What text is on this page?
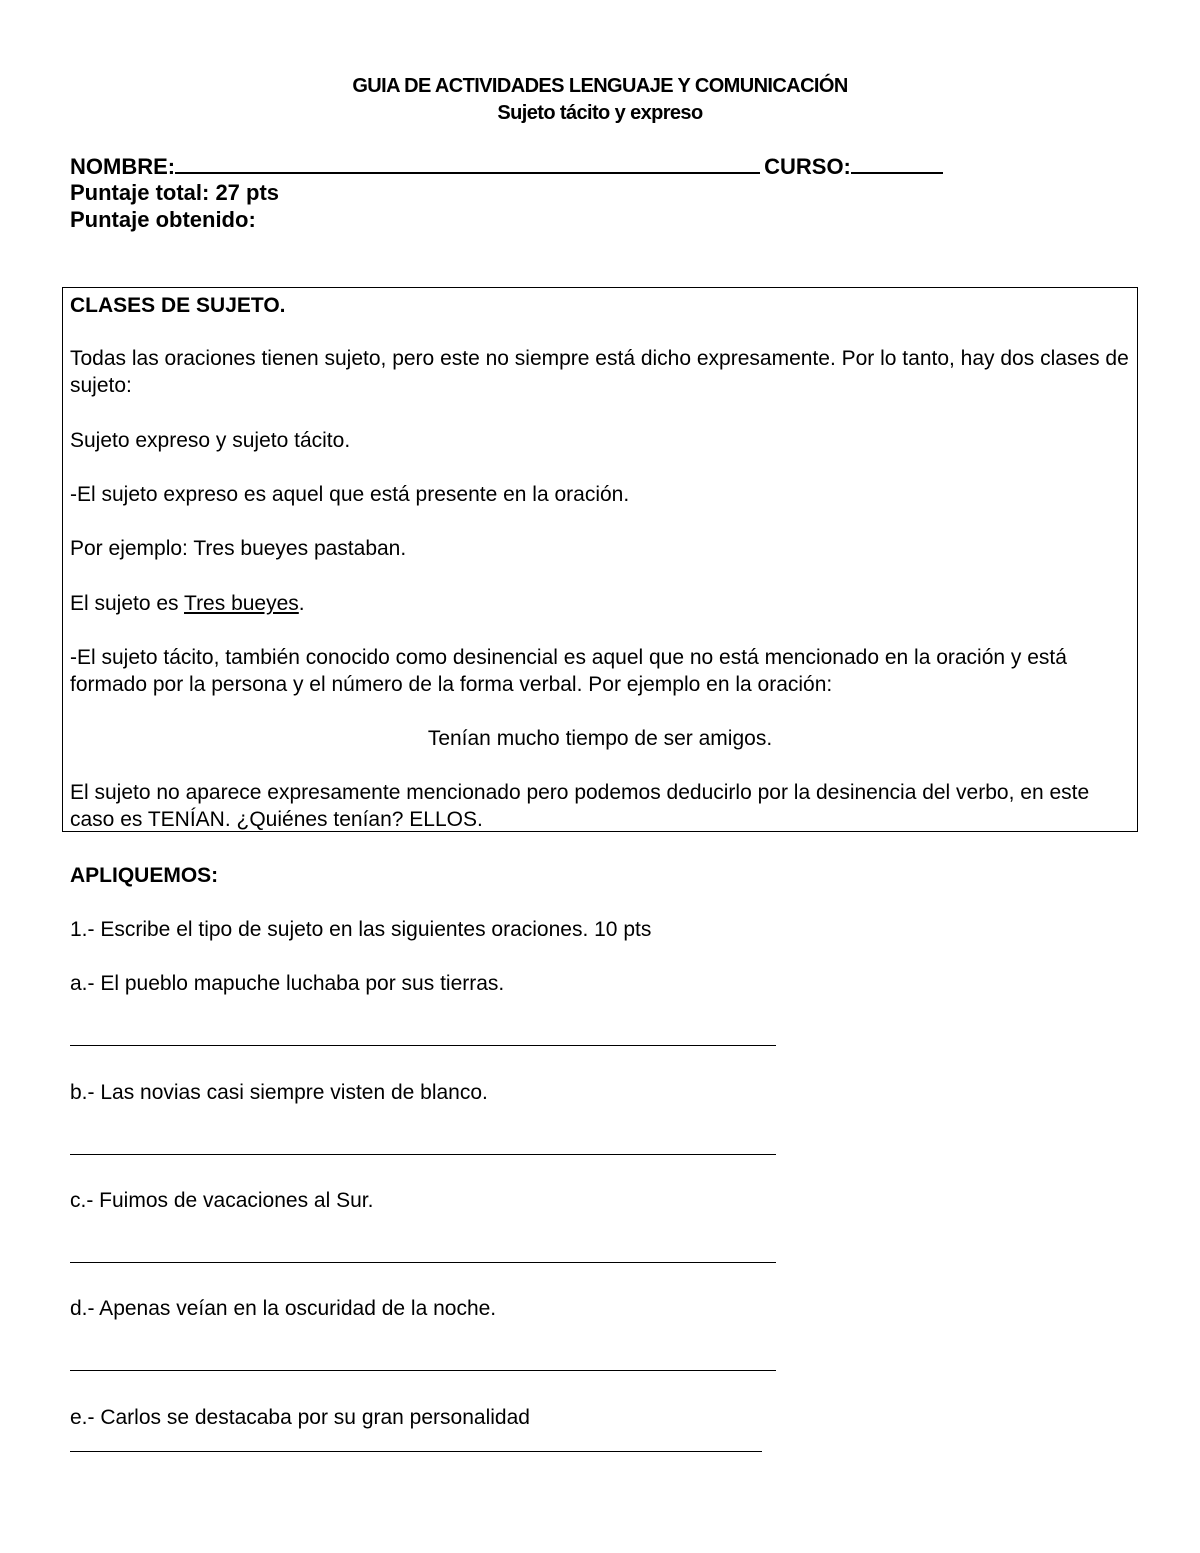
GUIA DE ACTIVIDADES LENGUAJE Y COMUNICACIÓN
Sujeto tácito y expreso
NOMBRE:	CURSO:
Puntaje total: 27 pts
Puntaje obtenido:
CLASES DE SUJETO.
Todas las oraciones tienen sujeto, pero este no siempre está dicho expresamente. Por lo tanto, hay dos clases de sujeto:
Sujeto expreso y sujeto tácito.
-El sujeto expreso es aquel que está presente en la oración.
Por ejemplo: Tres bueyes pastaban.
El sujeto es Tres bueyes.
-El sujeto tácito, también conocido como desinencial es aquel que no está mencionado en la oración y está formado por la persona y el número de la forma verbal. Por ejemplo en la oración:
Tenían mucho tiempo de ser amigos.
El sujeto no aparece expresamente mencionado pero podemos deducirlo por la desinencia del verbo, en este caso es TENÍAN. ¿Quiénes tenían? ELLOS.
APLIQUEMOS:
1.- Escribe el tipo de sujeto en las siguientes oraciones. 10 pts
a.- El pueblo mapuche luchaba por sus tierras.
b.- Las novias casi siempre visten de blanco.
c.- Fuimos de vacaciones al Sur.
d.- Apenas veían en la oscuridad de la noche.
e.- Carlos se destacaba por su gran personalidad
